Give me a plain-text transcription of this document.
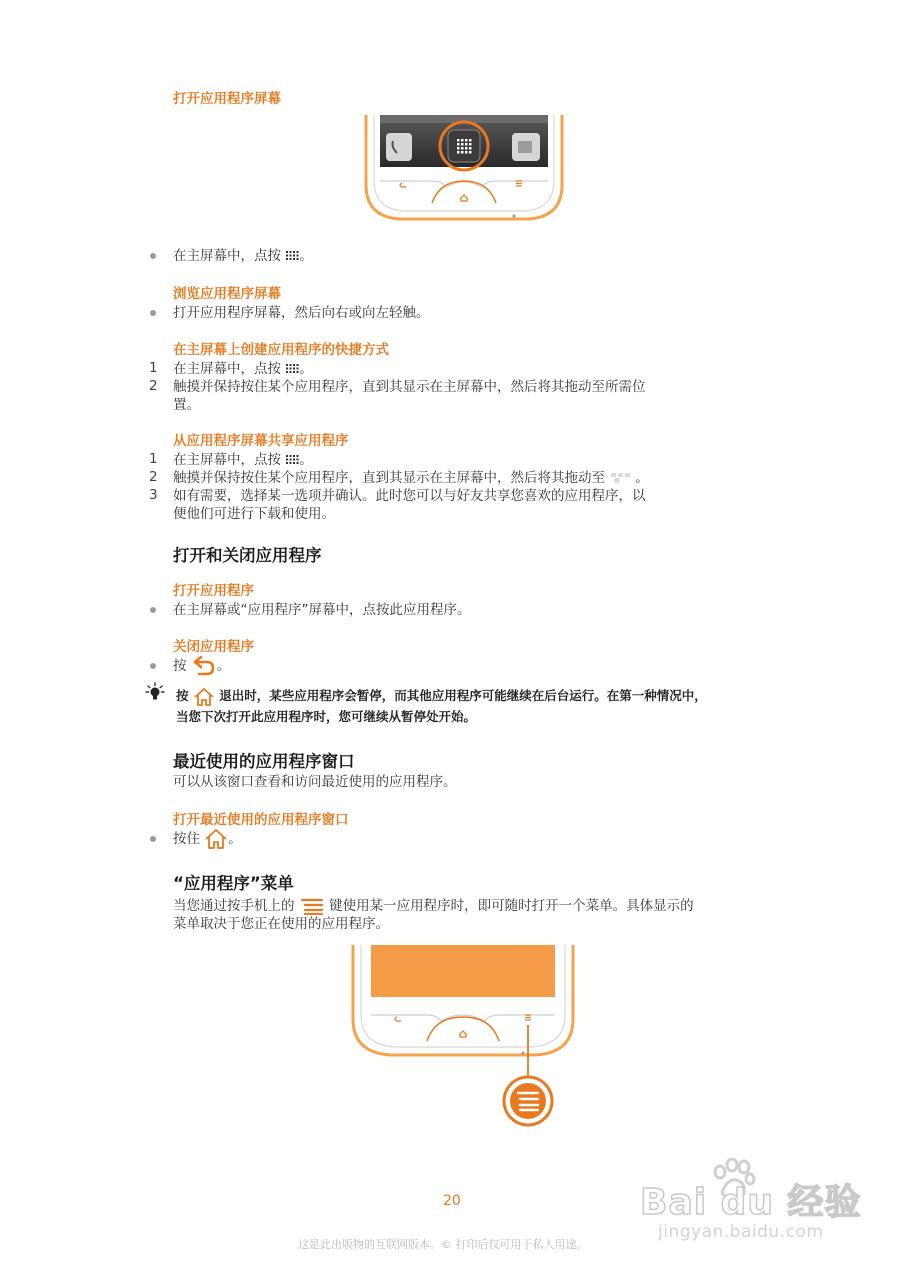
打开应用程序屏幕
在主屏幕中，点按 。
浏览应用程序屏幕
打开应用程序屏幕，然后向右或向左轻触。
在主屏幕上创建应用程序的快捷方式
1 在主屏幕中，点按 。
2 触摸并保持按住某个应用程序，直到其显示在主屏幕中，然后将其拖动至所需位
置。
从应用程序屏幕共享应用程序
1 在主屏幕中，点按 。
2 触摸并保持按住某个应用程序，直到其显示在主屏幕中，然后将其拖动至 。
3 如有需要，选择某一选项并确认。此时您可以与好友共享您喜欢的应用程序，以
便他们可进行下载和使用。
打开和关闭应用程序
打开应用程序
在主屏幕或“应用程序”屏幕中，点按此应用程序。
关闭应用程序
按 。
按 退出时，某些应用程序会暂停，而其他应用程序可能继续在后台运行。在第一种情况中，
当您下次打开此应用程序时，您可继续从暂停处开始。
最近使用的应用程序窗口
可以从该窗口查看和访问最近使用的应用程序。
打开最近使用的应用程序窗口
按住 。
“应用程序”菜单
当您通过按手机上的	键使用某一应用程序时，即可随时打开一个菜单。具体显示的
菜单取决于您正在使用的应用程序。
20
这是此出版物的互联网版本。© 打印后仅可用于私人用途。
Bai du 经验
jingyan.baidu.com
